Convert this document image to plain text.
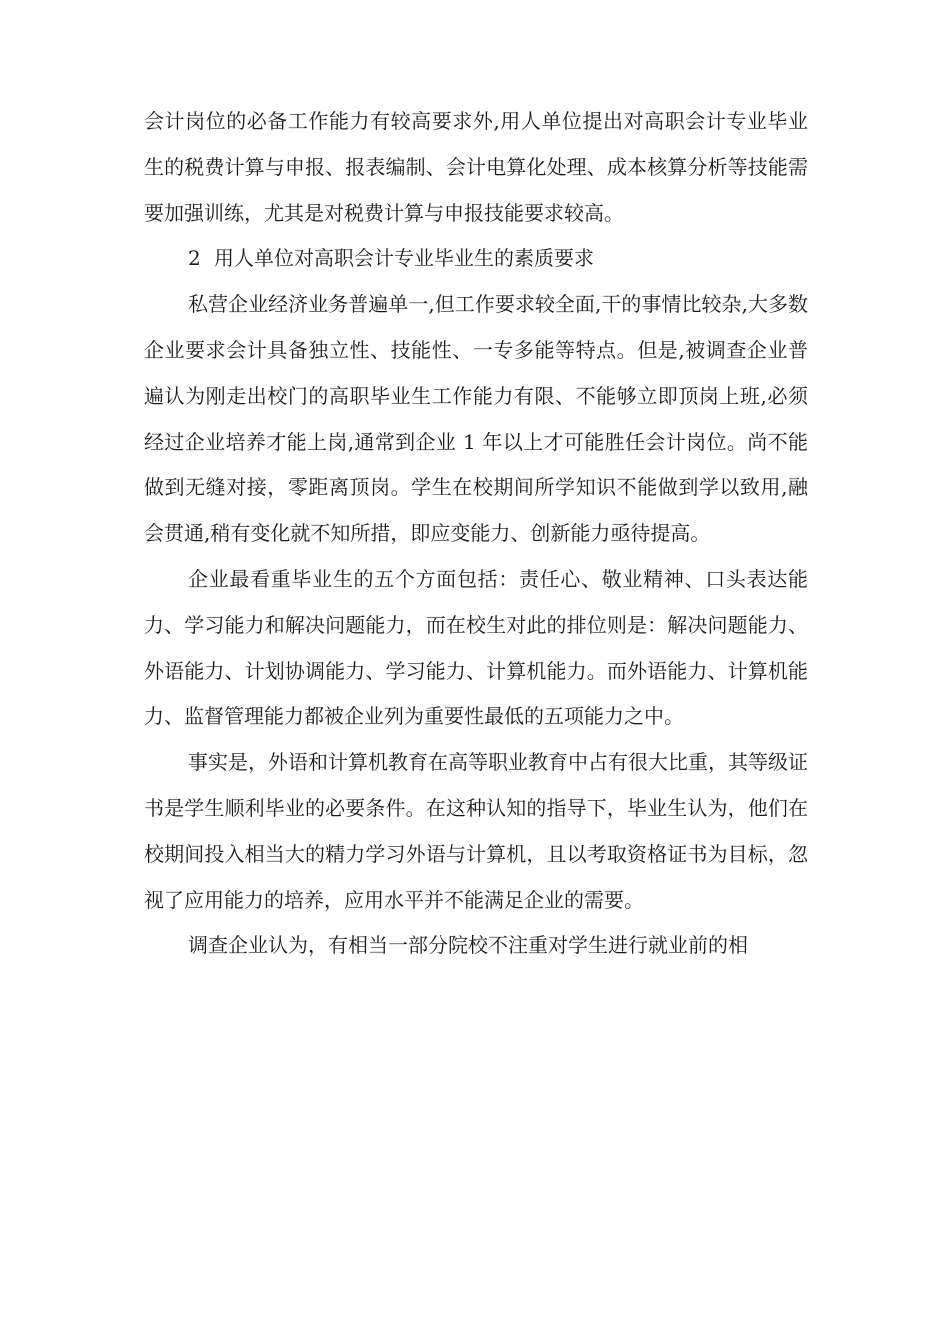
会计岗位的必备工作能力有较高要求外,用人单位提出对高职会计专业毕业生的税费计算与申报、报表编制、会计电算化处理、成本核算分析等技能需要加强训练，尤其是对税费计算与申报技能要求较高。

2 用人单位对高职会计专业毕业生的素质要求

私营企业经济业务普遍单一,但工作要求较全面,干的事情比较杂,大多数企业要求会计具备独立性、技能性、一专多能等特点。但是,被调查企业普遍认为刚走出校门的高职毕业生工作能力有限、不能够立即顶岗上班,必须经过企业培养才能上岗,通常到企业 1 年以上才可能胜任会计岗位。尚不能做到无缝对接，零距离顶岗。学生在校期间所学知识不能做到学以致用,融会贯通,稍有变化就不知所措，即应变能力、创新能力亟待提高。

企业最看重毕业生的五个方面包括：责任心、敬业精神、口头表达能力、学习能力和解决问题能力，而在校生对此的排位则是：解决问题能力、外语能力、计划协调能力、学习能力、计算机能力。而外语能力、计算机能力、监督管理能力都被企业列为重要性最低的五项能力之中。

事实是，外语和计算机教育在高等职业教育中占有很大比重，其等级证书是学生顺利毕业的必要条件。在这种认知的指导下，毕业生认为，他们在校期间投入相当大的精力学习外语与计算机，且以考取资格证书为目标，忽视了应用能力的培养，应用水平并不能满足企业的需要。

调查企业认为，有相当一部分院校不注重对学生进行就业前的相
